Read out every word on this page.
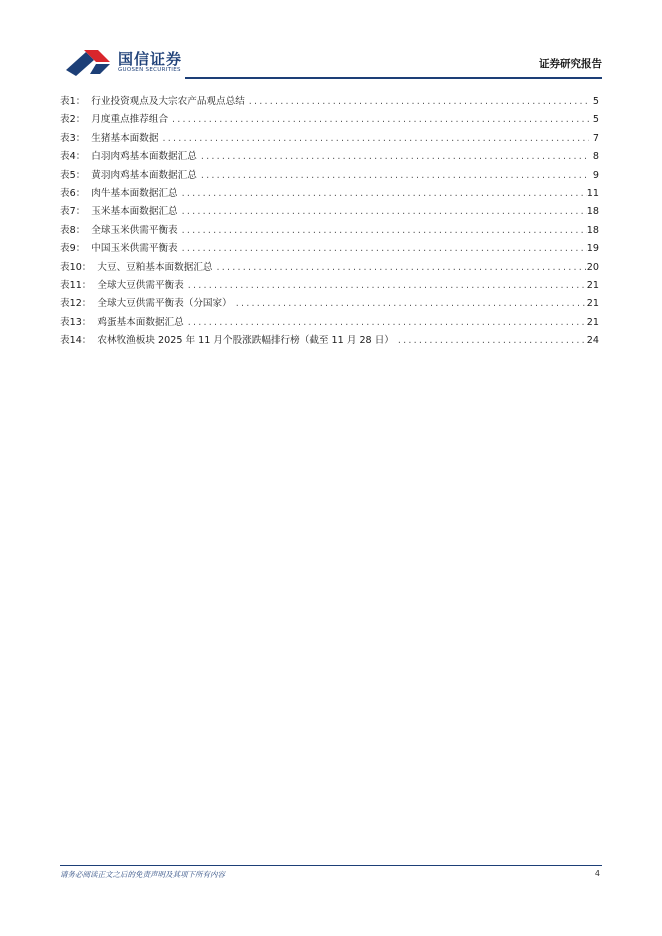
国信证券
GUOSEN SECURITIES	证券研究报告
表1： 行业投资观点及大宗农产品观点总结 .....	5
表2： 月度重点推荐组合 .....	5
表3： 生猪基本面数据 .....	7
表4： 白羽肉鸡基本面数据汇总 .....	8
表5： 黄羽肉鸡基本面数据汇总 .....	9
表6： 肉牛基本面数据汇总 .....	11
表7： 玉米基本面数据汇总 .....	18
表8： 全球玉米供需平衡表 .....	18
表9： 中国玉米供需平衡表 .....	19
表10： 大豆、豆粕基本面数据汇总 .....	20
表11： 全球大豆供需平衡表 .....	21
表12： 全球大豆供需平衡表（分国家） .....	21
表13： 鸡蛋基本面数据汇总 .....	21
表14： 农林牧渔板块 2025 年 11 月个股涨跌幅排行榜（截至 11 月 28 日） .....	24
请务必阅读正文之后的免责声明及其项下所有内容	4
